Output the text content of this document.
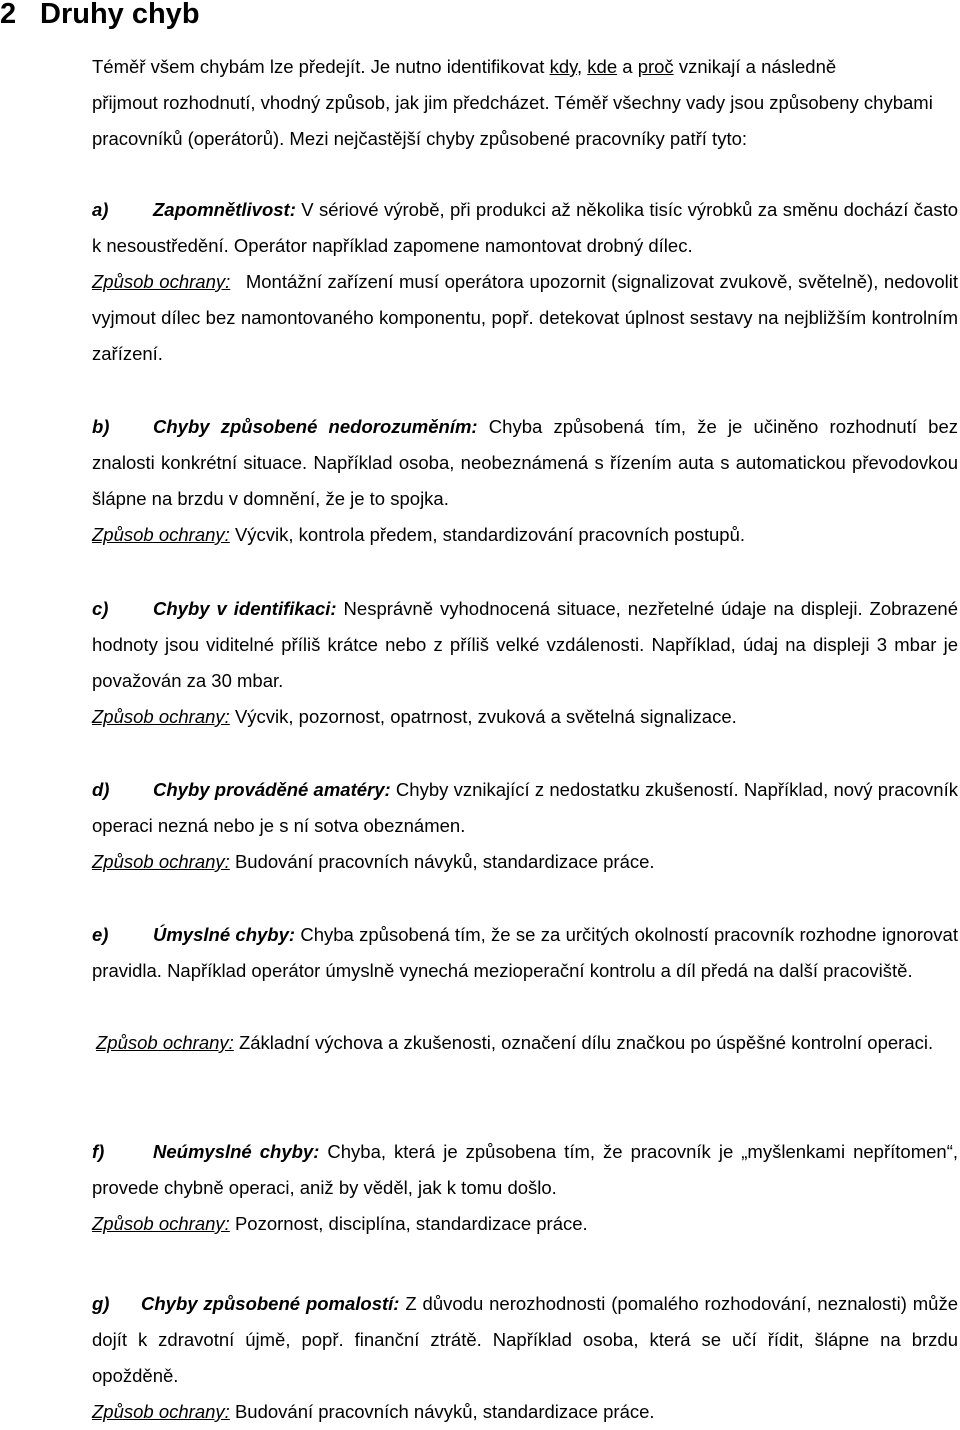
2 Druhy chyb
Téměř všem chybám lze předejít. Je nutno identifikovat kdy, kde a proč vznikají a následně
přijmout rozhodnutí, vhodný způsob, jak jim předcházet. Téměř všechny vady jsou způsobeny chybami
pracovníků (operátorů). Mezi nejčastější chyby způsobené pracovníky patří tyto:

a) Zapomnětlivost: V sériové výrobě, při produkci až několika tisíc výrobků za směnu dochází často k nesoustředění. Operátor například zapomene namontovat drobný dílec.

Způsob ochrany: Montážní zařízení musí operátora upozornit (signalizovat zvukově, světelně), nedovolit vyjmout dílec bez namontovaného komponentu, popř. detekovat úplnost sestavy na nejbližším kontrolním zařízení.

b) Chyby způsobené nedorozuměním: Chyba způsobená tím, že je učiněno rozhodnutí bez znalosti konkrétní situace. Například osoba, neobeznámená s řízením auta s automatickou převodovkou šlápne na brzdu v domnění, že je to spojka.

Způsob ochrany: Výcvik, kontrola předem, standardizování pracovních postupů.

c) Chyby v identifikaci: Nesprávně vyhodnocená situace, nezřetelné údaje na displeji. Zobrazené hodnoty jsou viditelné příliš krátce nebo z příliš velké vzdálenosti. Například, údaj na displeji 3 mbar je považován za 30 mbar.

Způsob ochrany: Výcvik, pozornost, opatrnost, zvuková a světelná signalizace.

d) Chyby prováděné amatéry: Chyby vznikající z nedostatku zkušeností. Například, nový pracovník operaci nezná nebo je s ní sotva obeznámen.

Způsob ochrany: Budování pracovních návyků, standardizace práce.

e) Úmyslné chyby: Chyba způsobená tím, že se za určitých okolností pracovník rozhodne ignorovat pravidla. Například operátor úmyslně vynechá mezioperační kontrolu a díl předá na další pracoviště.

Způsob ochrany: Základní výchova a zkušenosti, označení dílu značkou po úspěšné kontrolní operaci.

f)	Neúmyslné chyby: Chyba, která je způsobena tím, že pracovník je „myšlenkami nepřítomen“, provede chybně operaci, aniž by věděl, jak k tomu došlo.

Způsob ochrany: Pozornost, disciplína, standardizace práce.

g) Chyby způsobené pomalostí: Z důvodu nerozhodnosti (pomalého rozhodování, neznalosti) může dojít k zdravotní újmě, popř. finanční ztrátě. Například osoba, která se učí řídit, šlápne na brzdu opožděně.

Způsob ochrany: Budování pracovních návyků, standardizace práce.
